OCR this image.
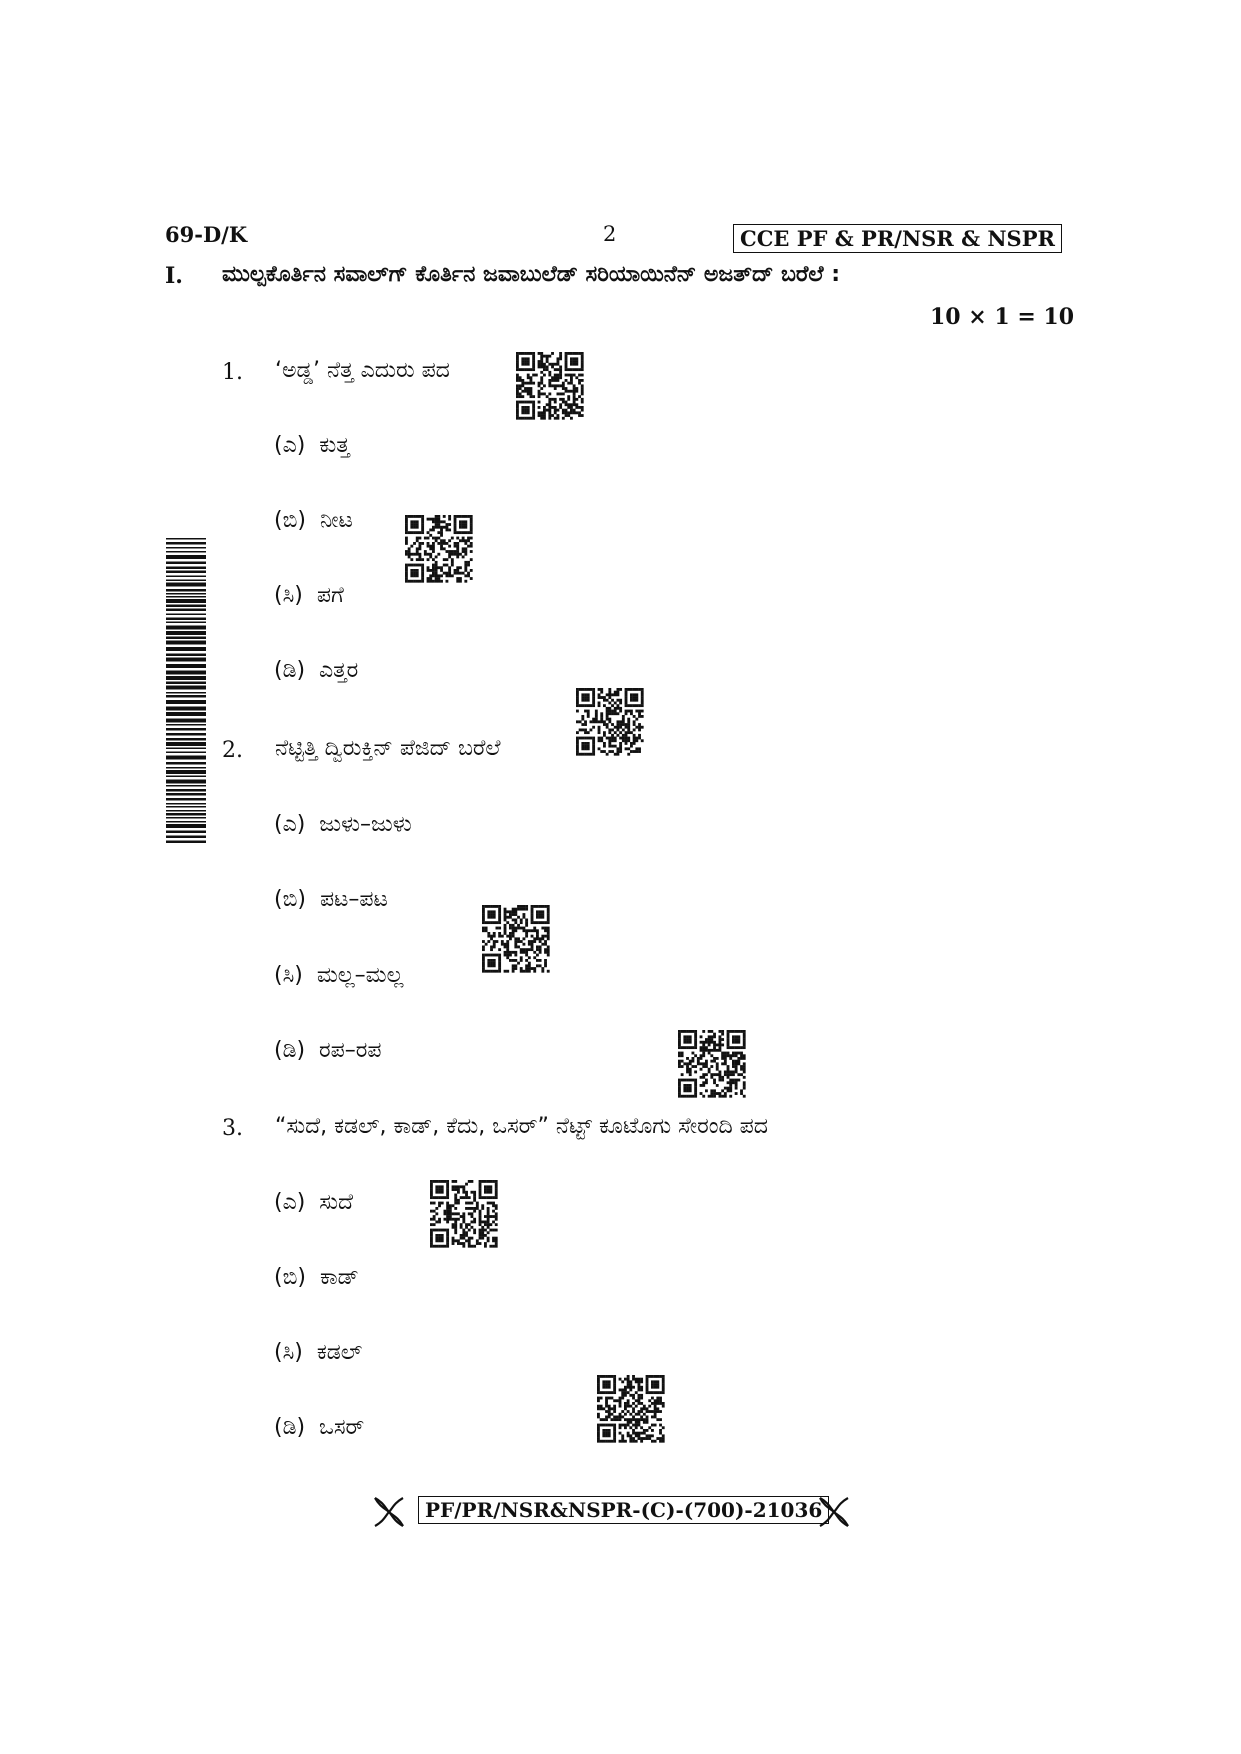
69-D/K	2	CCE PF & PR/NSR & NSPR
I. ಮುಲ್ಪಕೊರ್ತಿನ ಸವಾಲ್‌ಗ್ ಕೊರ್ತಿನ ಜವಾಬುಲೆಡ್ ಸರಿಯಾಯಿನೆನ್ ಅಜತ್‌ದ್ ಬರೆಲೆ :
10 × 1 = 10
1. ‘ಅಡ್ಡ’ ನೆತ್ತ ಎದುರು ಪದ
(ಎ) ಕುತ್ತ
(ಬಿ) ನೀಟ
(ಸಿ) ಪಗೆ
(ಡಿ) ಎತ್ತರ
2. ನೆಟ್ಟಿತ್ತಿ ದ್ವಿರುಕ್ತಿನ್ ಪೆಜಿದ್ ಬರೆಲೆ
(ಎ) ಜುಳು–ಜುಳು
(ಬಿ) ಪಟ–ಪಟ
(ಸಿ) ಮಲ್ಲ–ಮಲ್ಲ
(ಡಿ) ರಪ–ರಪ
3. “ಸುದೆ, ಕಡಲ್, ಕಾಡ್, ಕೆದು, ಒಸರ್” ನೆಟ್ಟ್ ಕೂಟೊಗು ಸೇರಂದಿ ಪದ
(ಎ) ಸುದೆ
(ಬಿ) ಕಾಡ್
(ಸಿ) ಕಡಲ್
(ಡಿ) ಒಸರ್
PF/PR/NSR&NSPR-(C)-(700)-21036
